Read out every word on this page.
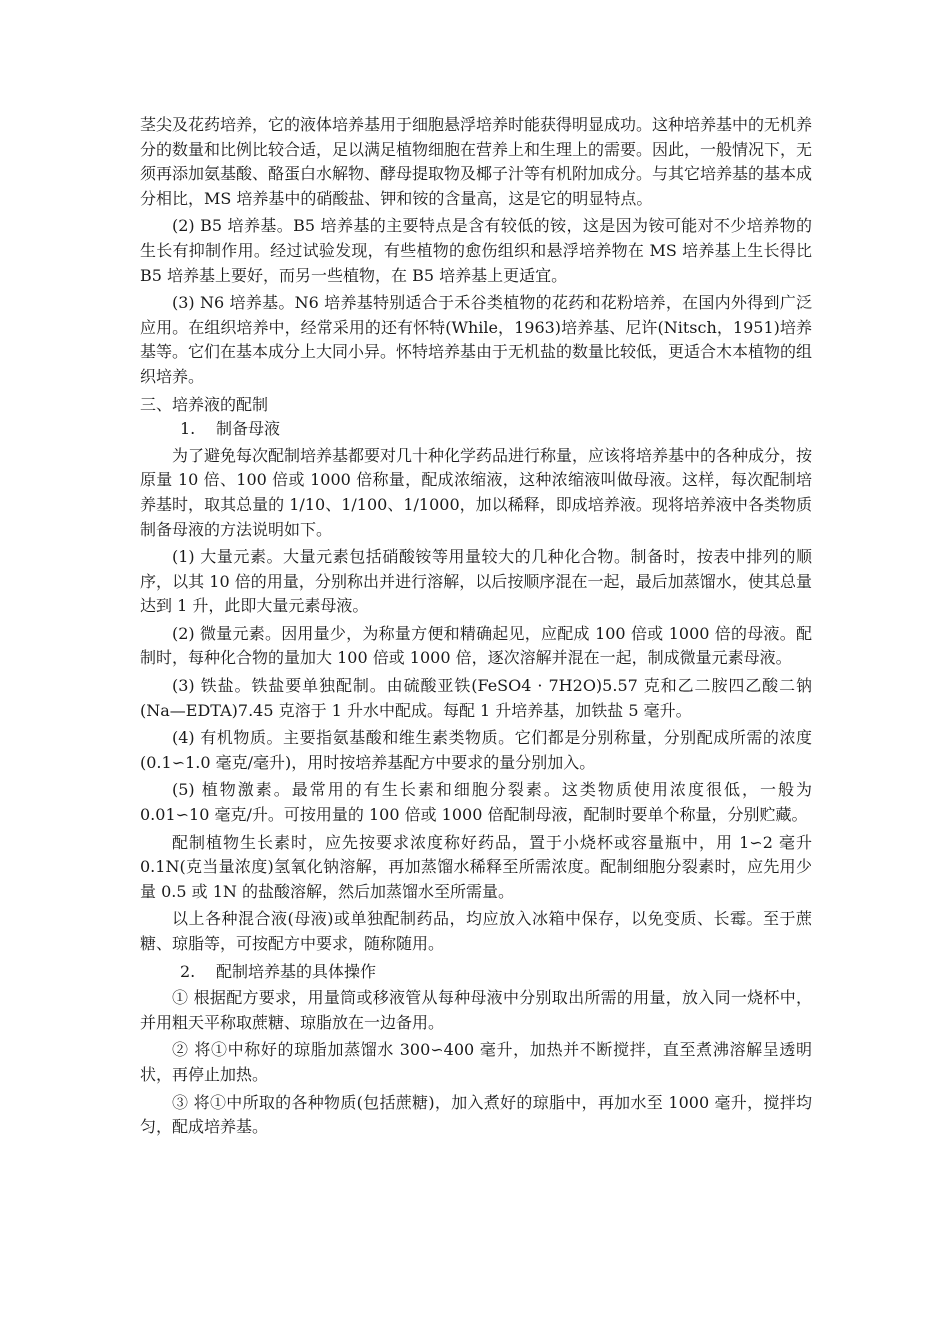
茎尖及花药培养，它的液体培养基用于细胞悬浮培养时能获得明显成功。这种培养基中的无机养分的数量和比例比较合适，足以满足植物细胞在营养上和生理上的需要。因此，一般情况下，无须再添加氨基酸、酪蛋白水解物、酵母提取物及椰子汁等有机附加成分。与其它培养基的基本成分相比，MS 培养基中的硝酸盐、钾和铵的含量高，这是它的明显特点。

(2) B5 培养基。B5 培养基的主要特点是含有较低的铵，这是因为铵可能对不少培养物的生长有抑制作用。经过试验发现，有些植物的愈伤组织和悬浮培养物在 MS 培养基上生长得比 B5 培养基上要好，而另一些植物，在 B5 培养基上更适宜。

(3) N6 培养基。N6 培养基特别适合于禾谷类植物的花药和花粉培养，在国内外得到广泛应用。在组织培养中，经常采用的还有怀特(While，1963)培养基、尼许(Nitsch，1951)培养基等。它们在基本成分上大同小异。怀特培养基由于无机盐的数量比较低，更适合木本植物的组织培养。

三、培养液的配制

1. 制备母液

为了避免每次配制培养基都要对几十种化学药品进行称量，应该将培养基中的各种成分，按原量 10 倍、100 倍或 1000 倍称量，配成浓缩液，这种浓缩液叫做母液。这样，每次配制培养基时，取其总量的 1/10、1/100、1/1000，加以稀释，即成培养液。现将培养液中各类物质制备母液的方法说明如下。

(1) 大量元素。大量元素包括硝酸铵等用量较大的几种化合物。制备时，按表中排列的顺序，以其 10 倍的用量，分别称出并进行溶解，以后按顺序混在一起，最后加蒸馏水，使其总量达到 1 升，此即大量元素母液。

(2) 微量元素。因用量少，为称量方便和精确起见，应配成 100 倍或 1000 倍的母液。配制时，每种化合物的量加大 100 倍或 1000 倍，逐次溶解并混在一起，制成微量元素母液。

(3) 铁盐。铁盐要单独配制。由硫酸亚铁(FeSO4 · 7H2O)5.57 克和乙二胺四乙酸二钠(Na—EDTA)7.45 克溶于 1 升水中配成。每配 1 升培养基，加铁盐 5 毫升。

(4) 有机物质。主要指氨基酸和维生素类物质。它们都是分别称量，分别配成所需的浓度(0.1∽1.0 毫克/毫升)，用时按培养基配方中要求的量分别加入。

(5) 植物激素。最常用的有生长素和细胞分裂素。这类物质使用浓度很低，一般为 0.01∽10 毫克/升。可按用量的 100 倍或 1000 倍配制母液，配制时要单个称量，分别贮藏。

配制植物生长素时，应先按要求浓度称好药品，置于小烧杯或容量瓶中，用 1∽2 毫升 0.1N(克当量浓度)氢氧化钠溶解，再加蒸馏水稀释至所需浓度。配制细胞分裂素时，应先用少量 0.5 或 1N 的盐酸溶解，然后加蒸馏水至所需量。

以上各种混合液(母液)或单独配制药品，均应放入冰箱中保存，以免变质、长霉。至于蔗糖、琼脂等，可按配方中要求，随称随用。

2. 配制培养基的具体操作

① 根据配方要求，用量筒或移液管从每种母液中分别取出所需的用量，放入同一烧杯中，并用粗天平称取蔗糖、琼脂放在一边备用。

② 将①中称好的琼脂加蒸馏水 300∽400 毫升，加热并不断搅拌，直至煮沸溶解呈透明状，再停止加热。

③ 将①中所取的各种物质(包括蔗糖)，加入煮好的琼脂中，再加水至 1000 毫升，搅拌均匀，配成培养基。
